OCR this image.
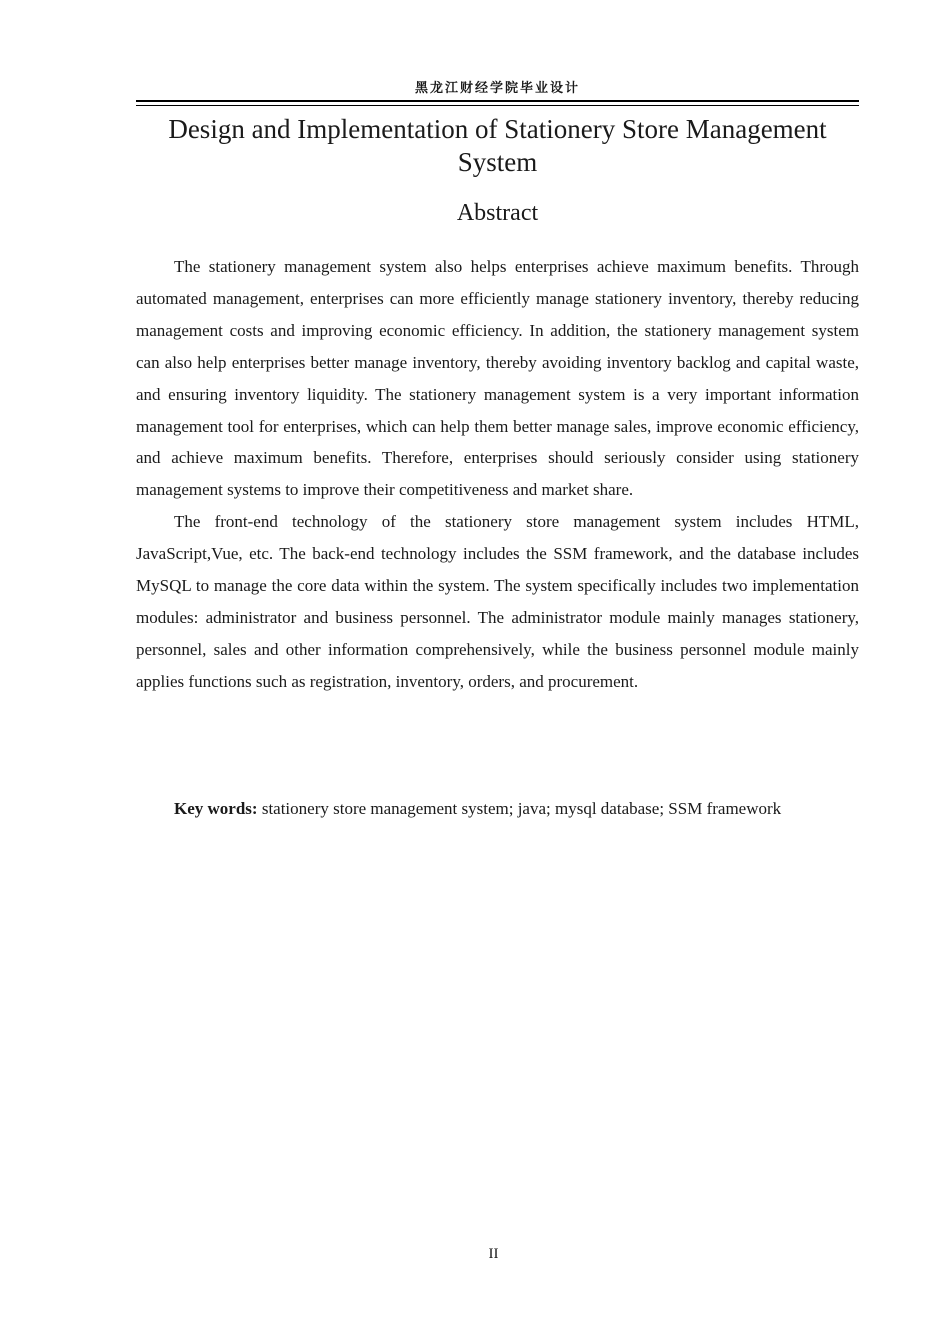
黑龙江财经学院毕业设计
Design and Implementation of Stationery Store Management System
Abstract

The stationery management system also helps enterprises achieve maximum benefits. Through automated management, enterprises can more efficiently manage stationery inventory, thereby reducing management costs and improving economic efficiency. In addition, the stationery management system can also help enterprises better manage inventory, thereby avoiding inventory backlog and capital waste, and ensuring inventory liquidity. The stationery management system is a very important information management tool for enterprises, which can help them better manage sales, improve economic efficiency, and achieve maximum benefits. Therefore, enterprises should seriously consider using stationery management systems to improve their competitiveness and market share.

The front-end technology of the stationery store management system includes HTML, JavaScript,Vue, etc. The back-end technology includes the SSM framework, and the database includes MySQL to manage the core data within the system. The system specifically includes two implementation modules: administrator and business personnel. The administrator module mainly manages stationery, personnel, sales and other information comprehensively, while the business personnel module mainly applies functions such as registration, inventory, orders, and procurement.

Key words: stationery store management system; java; mysql database; SSM framework

II
